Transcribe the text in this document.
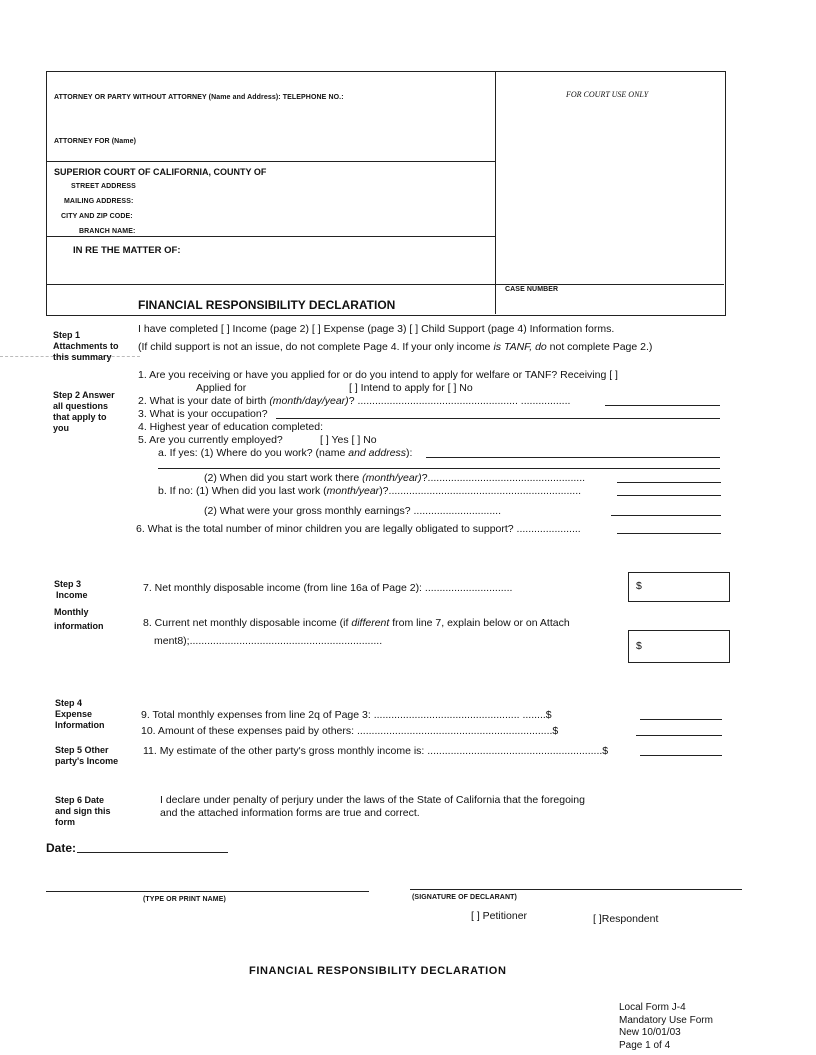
ATTORNEY OR PARTY WITHOUT ATTORNEY (Name and Address): TELEPHONE NO.:	FOR COURT USE ONLY
ATTORNEY FOR (Name)
SUPERIOR COURT OF CALIFORNIA, COUNTY OF
STREET ADDRESS
MAILING ADDRESS:
CITY AND ZIP CODE:
BRANCH NAME:
IN RE THE MATTER OF:
CASE NUMBER
FINANCIAL RESPONSIBILITY DECLARATION
Step 1
Attachments to
this summary
I have completed [ ] Income (page 2) [ ] Expense (page 3) [ ] Child Support (page 4) Information forms.
(If child support is not an issue, do not complete Page 4. If your only income is TANF, do not complete Page 2.)
Step 2 Answer
all questions
that apply to
you
1. Are you receiving or have you applied for or do you intend to apply for welfare or TANF? Receiving [ ]
Applied for	[ ] Intend to apply for [ ] No
2. What is your date of birth (month/day/year)? ....................................................... .................
3. What is your occupation?
4. Highest year of education completed:
5. Are you currently employed?	[ ] Yes [ ] No
a. If yes: (1) Where do you work? (name and address):
(2) When did you start work there (month/year)?......................................................
b. If no: (1) When did you last work (month/year)?..................................................................
(2) What were your gross monthly earnings? ..............................
6. What is the total number of minor children you are legally obligated to support? ......................
Step 3
Income
Monthly
information
7. Net monthly disposable income (from line 16a of Page 2): ..............................	$
8. Current net monthly disposable income (if different from line 7, explain below or on Attach
ment8);..................................................................	$
Step 4
Expense
Information
9. Total monthly expenses from line 2q of Page 3: .................................................. ........$
10. Amount of these expenses paid by others: ...................................................................$
Step 5 Other
party's Income
11. My estimate of the other party's gross monthly income is: ............................................................$
Step 6 Date
and sign this
form
I declare under penalty of perjury under the laws of the State of California that the foregoing
and the attached information forms are true and correct.
Date:
(TYPE OR PRINT NAME)	(SIGNATURE OF DECLARANT)
[ ] Petitioner	[ ]Respondent
FINANCIAL RESPONSIBILITY DECLARATION
Local Form J-4
Mandatory Use Form
New 10/01/03
Page 1 of 4
